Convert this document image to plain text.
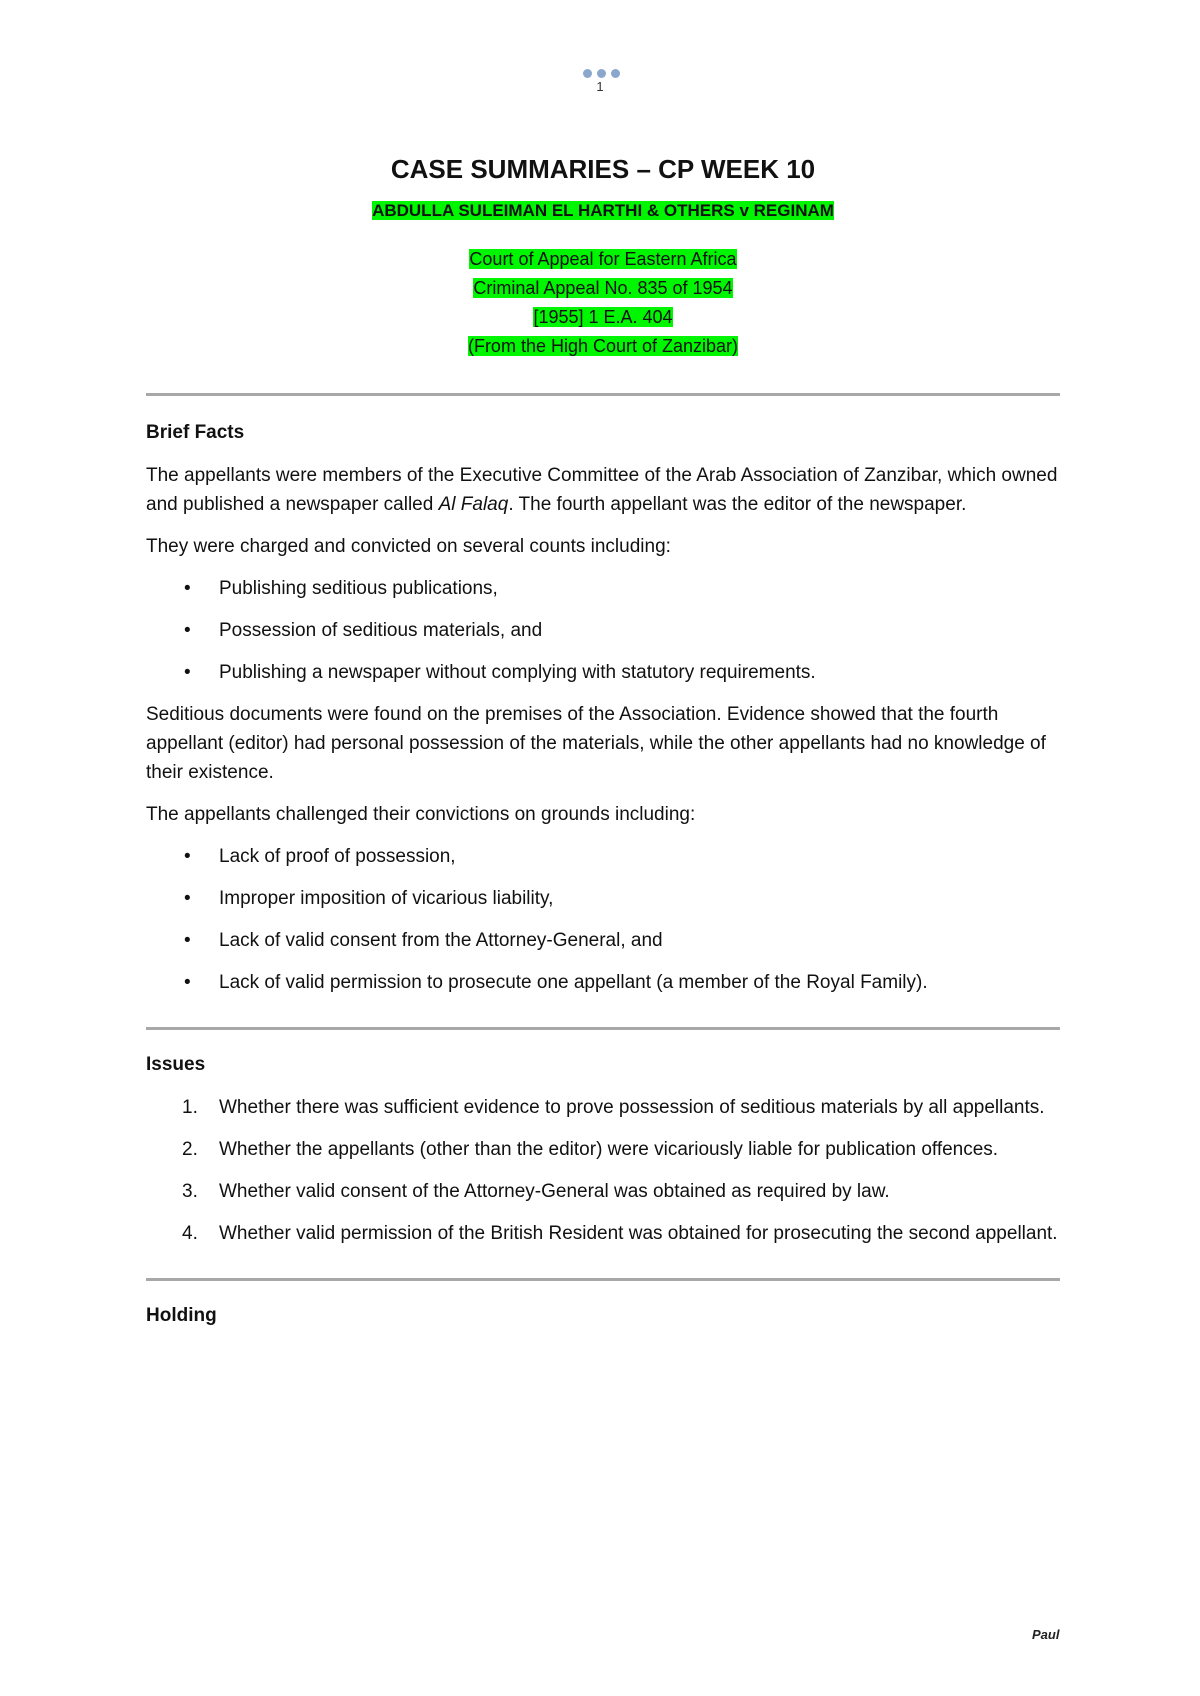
1
CASE SUMMARIES – CP WEEK 10
ABDULLA SULEIMAN EL HARTHI & OTHERS v REGINAM
Court of Appeal for Eastern Africa
Criminal Appeal No. 835 of 1954
[1955] 1 E.A. 404
(From the High Court of Zanzibar)
Brief Facts

The appellants were members of the Executive Committee of the Arab Association of Zanzibar, which owned and published a newspaper called Al Falaq. The fourth appellant was the editor of the newspaper.

They were charged and convicted on several counts including:

• Publishing seditious publications,
• Possession of seditious materials, and
• Publishing a newspaper without complying with statutory requirements.

Seditious documents were found on the premises of the Association. Evidence showed that the fourth appellant (editor) had personal possession of the materials, while the other appellants had no knowledge of their existence.

The appellants challenged their convictions on grounds including:

• Lack of proof of possession,
• Improper imposition of vicarious liability,
• Lack of valid consent from the Attorney-General, and
• Lack of valid permission to prosecute one appellant (a member of the Royal Family).
Issues
1. Whether there was sufficient evidence to prove possession of seditious materials by all appellants.
2. Whether the appellants (other than the editor) were vicariously liable for publication offences.
3. Whether valid consent of the Attorney-General was obtained as required by law.
4. Whether valid permission of the British Resident was obtained for prosecuting the second appellant.
Holding
Paul
